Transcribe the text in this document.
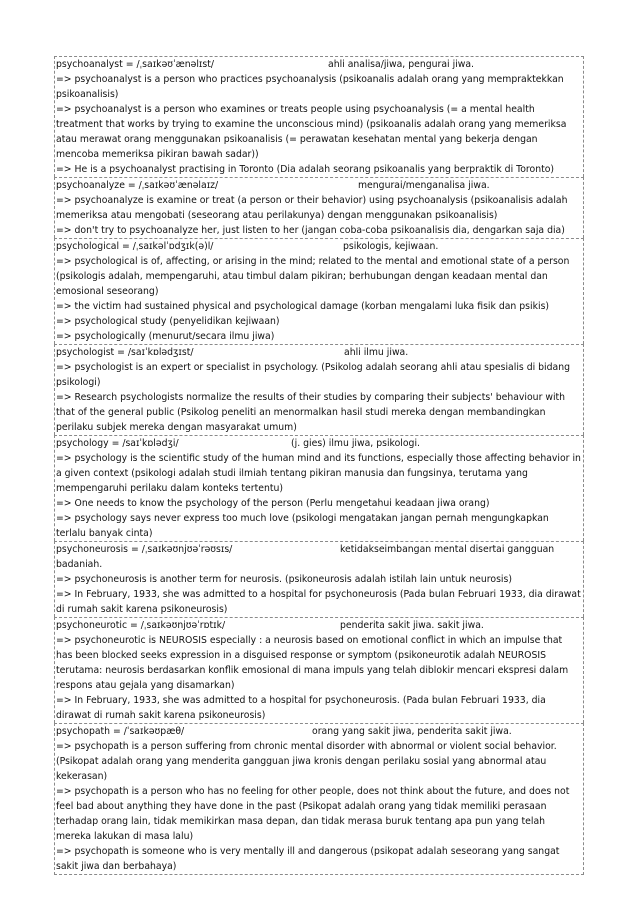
psychoanalyst = /ˌsaɪkəʊˈænəlɪst/	ahli analisa/jiwa, pengurai jiwa.
=> psychoanalyst is a person who practices psychoanalysis (psikoanalis adalah orang yang mempraktekkan psikoanalisis)
=> psychoanalyst is a person who examines or treats people using psychoanalysis (= a mental health treatment that works by trying to examine the unconscious mind) (psikoanalis adalah orang yang memeriksa atau merawat orang menggunakan psikoanalisis (= perawatan kesehatan mental yang bekerja dengan mencoba memeriksa pikiran bawah sadar))
=> He is a psychoanalyst practising in Toronto (Dia adalah seorang psikoanalis yang berpraktik di Toronto)
psychoanalyze = /ˌsaɪkəʊˈænəlaɪz/	mengurai/menganalisa jiwa.
=> psychoanalyze is examine or treat (a person or their behavior) using psychoanalysis (psikoanalisis adalah memeriksa atau mengobati (seseorang atau perilakunya) dengan menggunakan psikoanalisis)
=> don't try to psychoanalyze her, just listen to her (jangan coba-coba psikoanalisis dia, dengarkan saja dia)
psychological = /ˌsaɪkəlˈɒdʒɪk(ə)l/	psikologis, kejiwaan.
=> psychological is of, affecting, or arising in the mind; related to the mental and emotional state of a person (psikologis adalah, mempengaruhi, atau timbul dalam pikiran; berhubungan dengan keadaan mental dan emosional seseorang)
=> the victim had sustained physical and psychological damage (korban mengalami luka fisik dan psikis)
=> psychological study (penyelidikan kejiwaan)
=> psychologically (menurut/secara ilmu jiwa)
psychologist = /saɪˈkɒlədʒɪst/	ahli ilmu jiwa.
=> psychologist is an expert or specialist in psychology. (Psikolog adalah seorang ahli atau spesialis di bidang psikologi)
=> Research psychologists normalize the results of their studies by comparing their subjects' behaviour with that of the general public (Psikolog peneliti an menormalkan hasil studi mereka dengan membandingkan perilaku subjek mereka dengan masyarakat umum)
psychology = /saɪˈkɒlədʒi/	(j. gies) ilmu jiwa, psikologi.
=> psychology is the scientific study of the human mind and its functions, especially those affecting behavior in a given context (psikologi adalah studi ilmiah tentang pikiran manusia dan fungsinya, terutama yang mempengaruhi perilaku dalam konteks tertentu)
=> One needs to know the psychology of the person (Perlu mengetahui keadaan jiwa orang)
=> psychology says never express too much love (psikologi mengatakan jangan pernah mengungkapkan terlalu banyak cinta)
psychoneurosis = /ˌsaɪkəʊnjʊəˈrəʊsɪs/	ketidakseimbangan mental disertai gangguan badaniah.
=> psychoneurosis is another term for neurosis. (psikoneurosis adalah istilah lain untuk neurosis)
=> In February, 1933, she was admitted to a hospital for psychoneurosis (Pada bulan Februari 1933, dia dirawat di rumah sakit karena psikoneurosis)
psychoneurotic = /ˌsaɪkəʊnjʊəˈrɒtɪk/	penderita sakit jiwa. sakit jiwa.
=> psychoneurotic is NEUROSIS especially : a neurosis based on emotional conflict in which an impulse that has been blocked seeks expression in a disguised response or symptom (psikoneurotik adalah NEUROSIS terutama: neurosis berdasarkan konflik emosional di mana impuls yang telah diblokir mencari ekspresi dalam respons atau gejala yang disamarkan)
=> In February, 1933, she was admitted to a hospital for psychoneurosis. (Pada bulan Februari 1933, dia dirawat di rumah sakit karena psikoneurosis)
psychopath = /ˈsaɪkəʊpæθ/	orang yang sakit jiwa, penderita sakit jiwa.
=> psychopath is a person suffering from chronic mental disorder with abnormal or violent social behavior. (Psikopat adalah orang yang menderita gangguan jiwa kronis dengan perilaku sosial yang abnormal atau kekerasan)
=> psychopath is a person who has no feeling for other people, does not think about the future, and does not feel bad about anything they have done in the past (Psikopat adalah orang yang tidak memiliki perasaan terhadap orang lain, tidak memikirkan masa depan, dan tidak merasa buruk tentang apa pun yang telah mereka lakukan di masa lalu)
=> psychopath is someone who is very mentally ill and dangerous (psikopat adalah seseorang yang sangat sakit jiwa dan berbahaya)
